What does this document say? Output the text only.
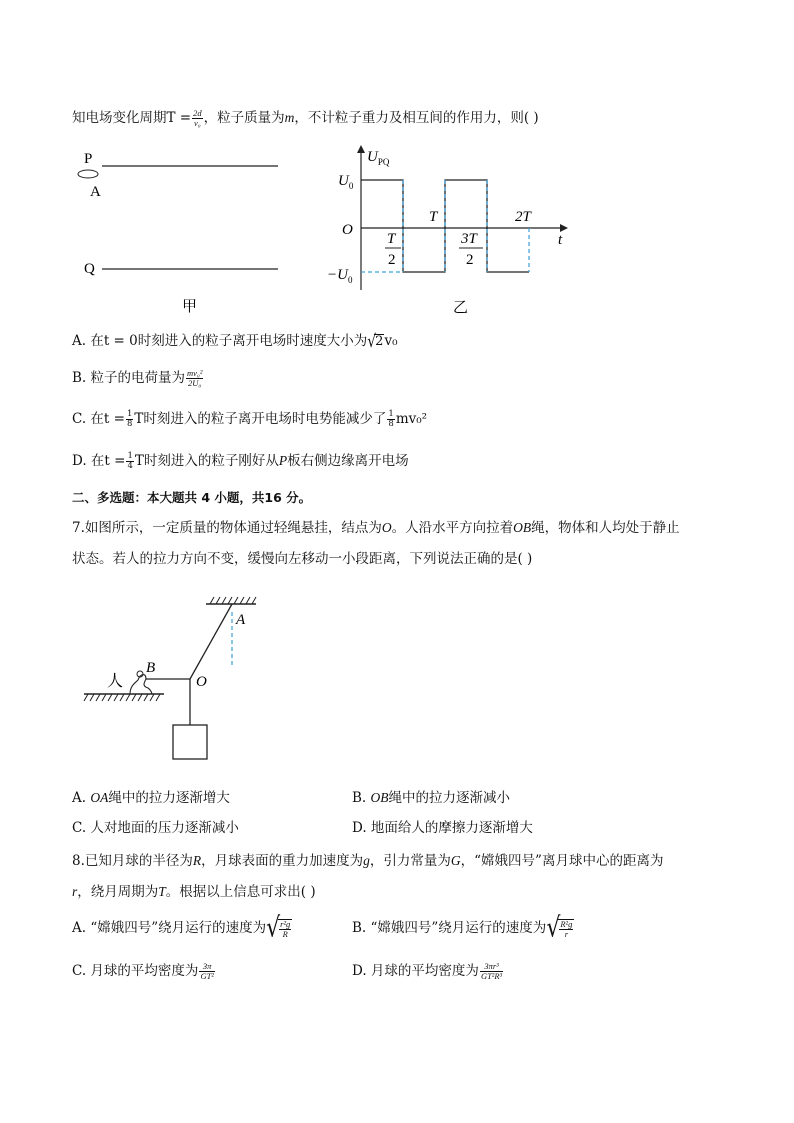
知电场变化周期$T = \frac{2d}{\text{v₀}}$ ，粒子质量为m，不计粒子重力及相互间的作用力，则( )
P
A
Q
甲
$U_{PQ}$
$U_0$
O
$-U_0$
T	2T
t
T
2
3T
2
乙
A. 在t = 0时刻进入的粒子离开电场时速度大小为√2v₀
B. 粒子的电荷量为 $\frac{\text{mv₀²}}{\text{2U₀}}$
C. 在$t = \frac{1}{8}$ T时刻进入的粒子离开电场时电势能减少了 $\frac{1}{8} mv_0^2$
D. 在$t = \frac{1}{4}$ T时刻进入的粒子刚好从P板右侧边缘离开电场
二、多选题：本大题共 4 小题，共16 分。
7.如图所示，一定质量的物体通过轻绳悬挂，结点为O。人沿水平方向拉着OB绳，物体和人均处于静止
状态。若人的拉力方向不变，缓慢向左移动一小段距离，下列说法正确的是( )
A
O
人
B
A. OA绳中的拉力逐渐增大	B. OB绳中的拉力逐渐减小
C. 人对地面的压力逐渐减小	D. 地面给人的摩擦力逐渐增大
8.已知月球的半径为R，月球表面的重力加速度为g，引力常量为G，“嫦娥四号”离月球中心的距离为
r，绕月周期为T。根据以上信息可求出( )
A. “嫦娥四号”绕月运行的速度为√ $\frac{\text{r²g}}{R}$	B. “嫦娥四号”绕月运行的速度为√ $\frac{\text{R²g}}{r}$
C. 月球的平均密度为 $\frac{3\pi}{\text{GT²}}$	D. 月球的平均密度为 $\frac{\text{3πr³}}{\text{GT²R³}}$
